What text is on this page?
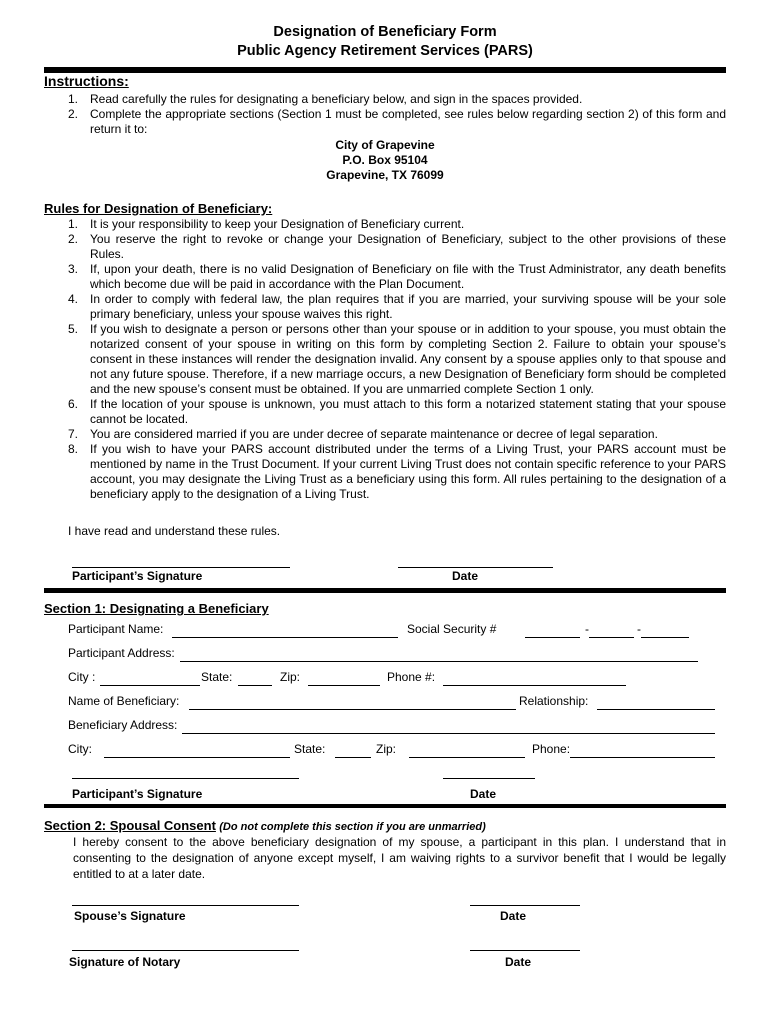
Designation of Beneficiary Form
Public Agency Retirement Services (PARS)
Instructions:
1. Read carefully the rules for designating a beneficiary below, and sign in the spaces provided.
2. Complete the appropriate sections (Section 1 must be completed, see rules below regarding section 2) of this form and return it to:
City of Grapevine
P.O. Box 95104
Grapevine, TX 76099
Rules for Designation of Beneficiary:
1. It is your responsibility to keep your Designation of Beneficiary current.
2. You reserve the right to revoke or change your Designation of Beneficiary, subject to the other provisions of these Rules.
3. If, upon your death, there is no valid Designation of Beneficiary on file with the Trust Administrator, any death benefits which become due will be paid in accordance with the Plan Document.
4. In order to comply with federal law, the plan requires that if you are married, your surviving spouse will be your sole primary beneficiary, unless your spouse waives this right.
5. If you wish to designate a person or persons other than your spouse or in addition to your spouse, you must obtain the notarized consent of your spouse in writing on this form by completing Section 2. Failure to obtain your spouse’s consent in these instances will render the designation invalid. Any consent by a spouse applies only to that spouse and not any future spouse. Therefore, if a new marriage occurs, a new Designation of Beneficiary form should be completed and the new spouse’s consent must be obtained. If you are unmarried complete Section 1 only.
6. If the location of your spouse is unknown, you must attach to this form a notarized statement stating that your spouse cannot be located.
7. You are considered married if you are under decree of separate maintenance or decree of legal separation.
8. If you wish to have your PARS account distributed under the terms of a Living Trust, your PARS account must be mentioned by name in the Trust Document. If your current Living Trust does not contain specific reference to your PARS account, you may designate the Living Trust as a beneficiary using this form. All rules pertaining to the designation of a beneficiary apply to the designation of a Living Trust.
I have read and understand these rules.
Participant’s Signature	Date
Section 1: Designating a Beneficiary
Participant Name:	Social Security #	-	-
Participant Address:
City :	State:	Zip:	Phone #:
Name of Beneficiary:	Relationship:
Beneficiary Address:
City:	State:	Zip:	Phone:
Participant’s Signature	Date
Section 2: Spousal Consent (Do not complete this section if you are unmarried)
I hereby consent to the above beneficiary designation of my spouse, a participant in this plan. I understand that in consenting to the designation of anyone except myself, I am waiving rights to a survivor benefit that I would be legally entitled to at a later date.
Spouse’s Signature	Date
Signature of Notary	Date
